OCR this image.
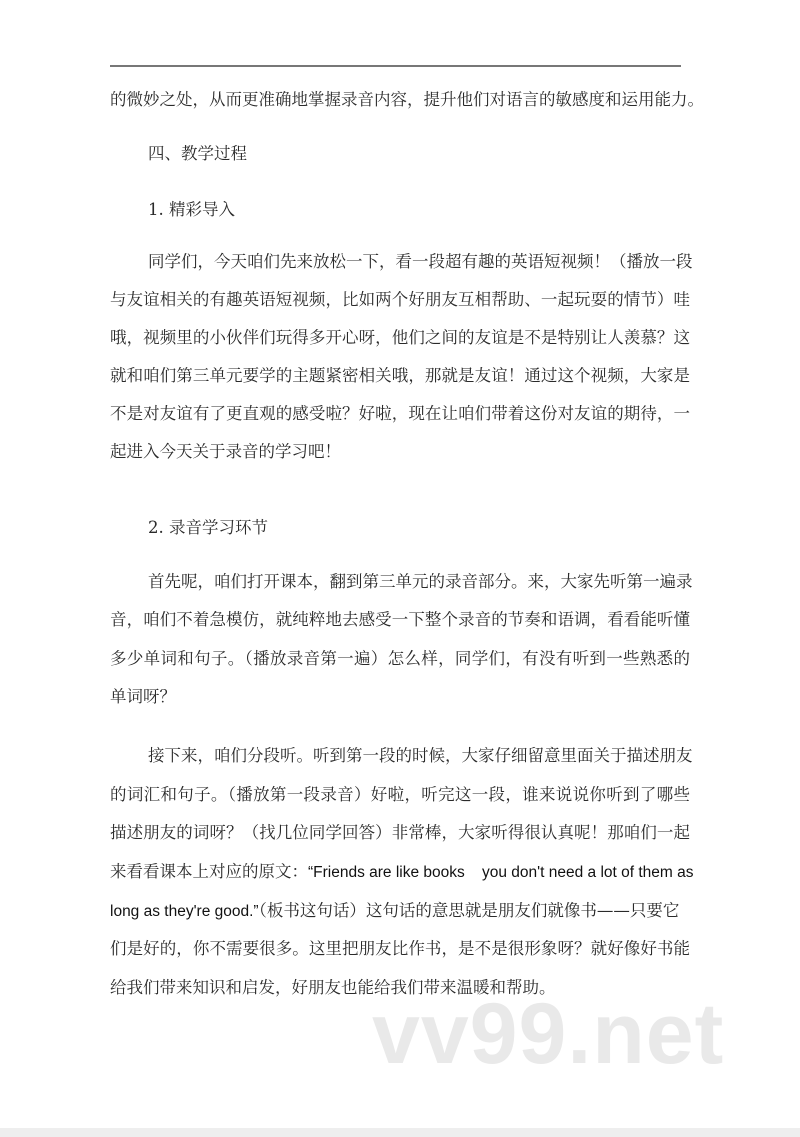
的微妙之处，从而更准确地掌握录音内容，提升他们对语言的敏感度和运用能力。
四、教学过程
1. 精彩导入
同学们，今天咱们先来放松一下，看一段超有趣的英语短视频！（播放一段
与友谊相关的有趣英语短视频，比如两个好朋友互相帮助、一起玩耍的情节）哇
哦，视频里的小伙伴们玩得多开心呀，他们之间的友谊是不是特别让人羡慕？这
就和咱们第三单元要学的主题紧密相关哦，那就是友谊！通过这个视频，大家是
不是对友谊有了更直观的感受啦？好啦，现在让咱们带着这份对友谊的期待，一
起进入今天关于录音的学习吧！
2. 录音学习环节
首先呢，咱们打开课本，翻到第三单元的录音部分。来，大家先听第一遍录
音，咱们不着急模仿，就纯粹地去感受一下整个录音的节奏和语调，看看能听懂
多少单词和句子。（播放录音第一遍）怎么样，同学们，有没有听到一些熟悉的
单词呀？
接下来，咱们分段听。听到第一段的时候，大家仔细留意里面关于描述朋友
的词汇和句子。（播放第一段录音）好啦，听完这一段，谁来说说你听到了哪些
描述朋友的词呀？（找几位同学回答）非常棒，大家听得很认真呢！那咱们一起
来看看课本上对应的原文：“Friends are like books    you don't need a lot of them as
long as they're good.”（板书这句话）这句话的意思就是朋友们就像书——只要它
们是好的，你不需要很多。这里把朋友比作书，是不是很形象呀？就好像好书能
给我们带来知识和启发，好朋友也能给我们带来温暖和帮助。
vv99.net
